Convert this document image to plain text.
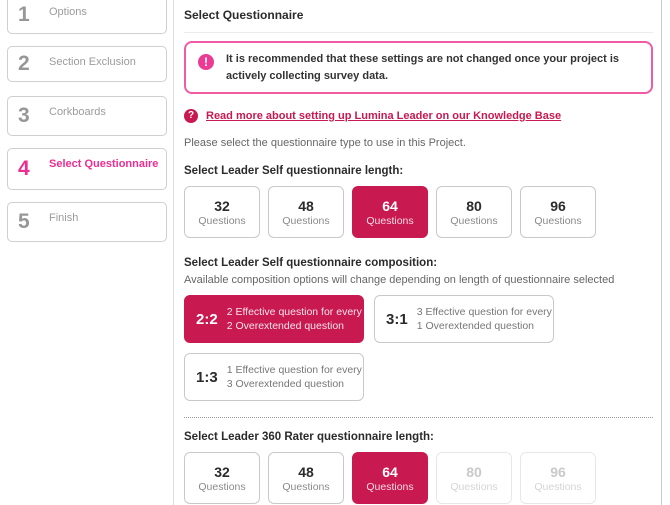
1	Options
2	Section Exclusion
3	Corkboards
4	Select Questionnaire
5	Finish
Select Questionnaire
!	It is recommended that these settings are not changed once your project is actively collecting survey data.
?	Read more about setting up Lumina Leader on our Knowledge Base
Please select the questionnaire type to use in this Project.
Select Leader Self questionnaire length:
32
Questions
48
Questions
64
Questions
80
Questions
96
Questions
Select Leader Self questionnaire composition:
Available composition options will change depending on length of questionnaire selected
2:2 2 Effective question for every
2 Overextended question	3:1 3 Effective question for every
1 Overextended question
1:3 1 Effective question for every
3 Overextended question
Select Leader 360 Rater questionnaire length:
32
Questions
48
Questions
64
Questions
80
Questions
96
Questions
